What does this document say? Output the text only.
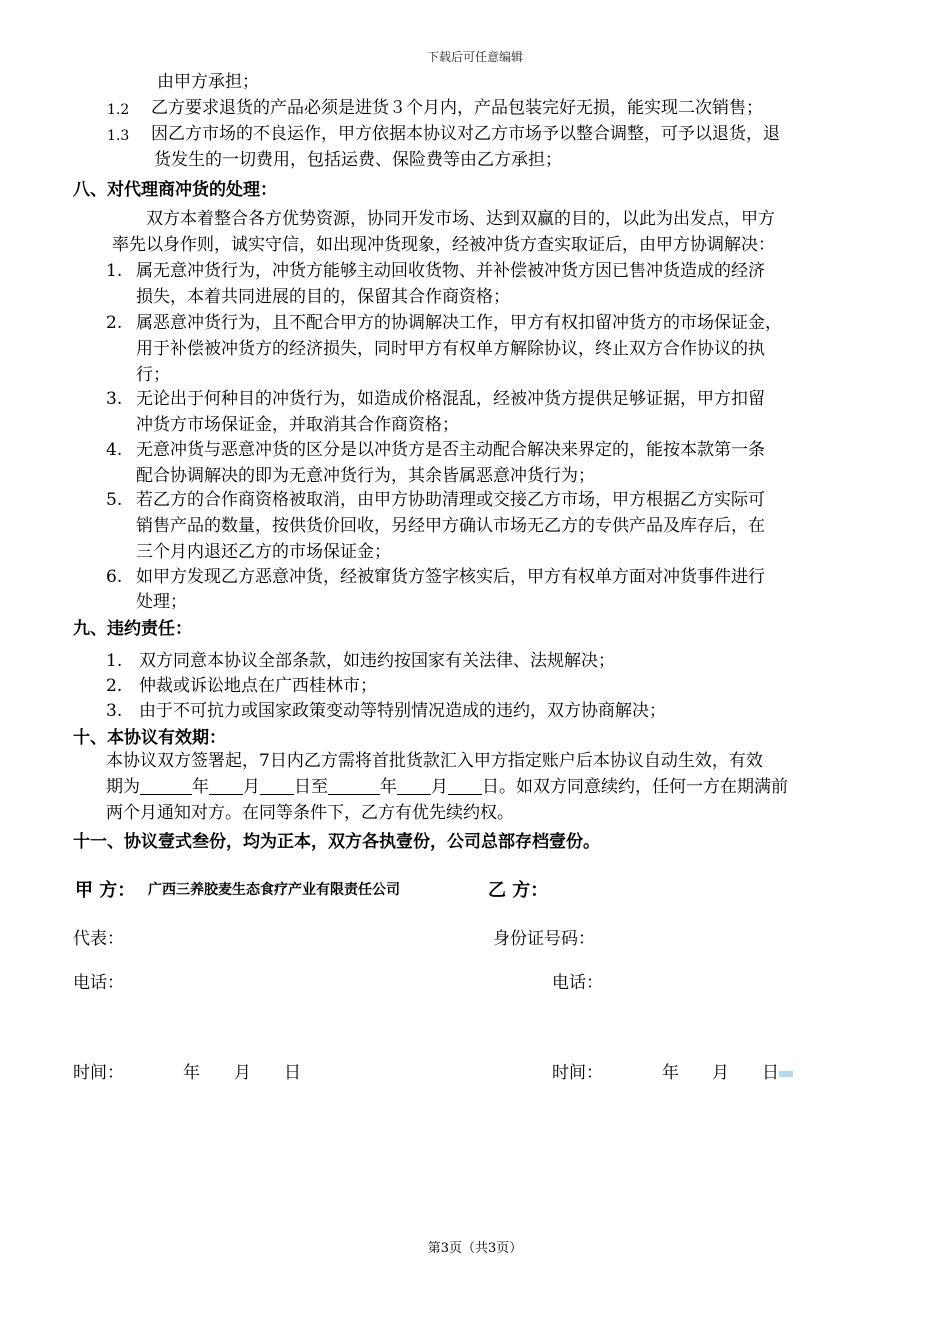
下载后可任意编辑
由甲方承担；
1.2 乙方要求退货的产品必须是进货３个月内，产品包装完好无损，能实现二次销售；
1.3 因乙方市场的不良运作，甲方依据本协议对乙方市场予以整合调整，可予以退货，退
货发生的一切费用，包括运费、保险费等由乙方承担；
八、对代理商冲货的处理：
双方本着整合各方优势资源，协同开发市场、达到双赢的目的，以此为出发点，甲方
率先以身作则，诚实守信，如出现冲货现象，经被冲货方查实取证后，由甲方协调解决：
1. 属无意冲货行为，冲货方能够主动回收货物、并补偿被冲货方因已售冲货造成的经济
损失，本着共同进展的目的，保留其合作商资格；
2. 属恶意冲货行为，且不配合甲方的协调解决工作，甲方有权扣留冲货方的市场保证金，
用于补偿被冲货方的经济损失，同时甲方有权单方解除协议，终止双方合作协议的执
行；
3. 无论出于何种目的冲货行为，如造成价格混乱，经被冲货方提供足够证据，甲方扣留
冲货方市场保证金，并取消其合作商资格；
4. 无意冲货与恶意冲货的区分是以冲货方是否主动配合解决来界定的，能按本款第一条
配合协调解决的即为无意冲货行为，其余皆属恶意冲货行为；
5. 若乙方的合作商资格被取消，由甲方协助清理或交接乙方市场，甲方根据乙方实际可
销售产品的数量，按供货价回收，另经甲方确认市场无乙方的专供产品及库存后，在
三个月内退还乙方的市场保证金；
6. 如甲方发现乙方恶意冲货，经被窜货方签字核实后，甲方有权单方面对冲货事件进行
处理；
九、违约责任：
1. 双方同意本协议全部条款，如违约按国家有关法律、法规解决；
2. 仲裁或诉讼地点在广西桂林市；
3. 由于不可抗力或国家政策变动等特别情况造成的违约，双方协商解决；
十、本协议有效期：
本协议双方签署起，7日内乙方需将首批货款汇入甲方指定账户后本协议自动生效，有效
期为	年 月 日至	年 月 日。如双方同意续约，任何一方在期满前
两个月通知对方。在同等条件下，乙方有优先续约权。
十一、协议壹式叁份，均为正本，双方各执壹份，公司总部存档壹份。
甲 方： 广西三养胶麦生态食疗产业有限责任公司	乙 方：
代表：	身份证号码：
电话：	电话：
时间：	年 月 日	时间：	年 月 日
第3页（共3页）
